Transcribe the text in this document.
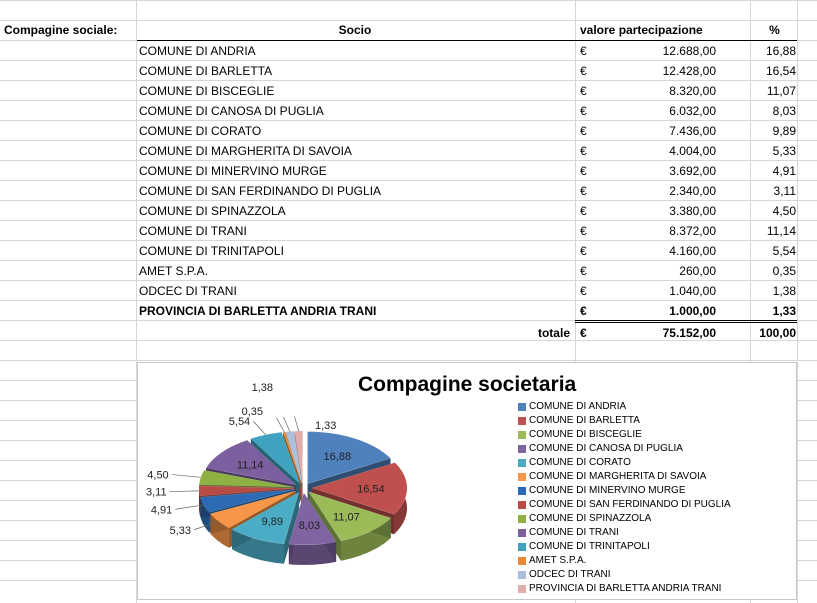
Compagine sociale:	Socio	valore partecipazione	%
COMUNE DI ANDRIA	€	12.688,00	16,88
COMUNE DI BARLETTA	€	12.428,00	16,54
COMUNE DI BISCEGLIE	€	8.320,00	11,07
COMUNE DI CANOSA DI PUGLIA	€	6.032,00	8,03
COMUNE DI CORATO	€	7.436,00	9,89
COMUNE DI MARGHERITA DI SAVOIA	€	4.004,00	5,33
COMUNE DI MINERVINO MURGE	€	3.692,00	4,91
COMUNE DI SAN FERDINANDO DI PUGLIA	€	2.340,00	3,11
COMUNE DI SPINAZZOLA	€	3.380,00	4,50
COMUNE DI TRANI	€	8.372,00	11,14
COMUNE DI TRINITAPOLI	€	4.160,00	5,54
AMET S.P.A.	€	260,00	0,35
ODCEC DI TRANI	€	1.040,00	1,38
PROVINCIA DI BARLETTA ANDRIA TRANI	€	1.000,00	1,33
totale €	75.152,00	100,00
Compagine societaria
16,88
16,54
11,07
8,03
9,89
5,33
4,91
3,11
4,50
11,14
5,54
0,35
1,38
1,33
COMUNE DI ANDRIA
COMUNE DI BARLETTA
COMUNE DI BISCEGLIE
COMUNE DI CANOSA DI PUGLIA
COMUNE DI CORATO
COMUNE DI MARGHERITA DI SAVOIA
COMUNE DI MINERVINO MURGE
COMUNE DI SAN FERDINANDO DI PUGLIA
COMUNE DI SPINAZZOLA
COMUNE DI TRANI
COMUNE DI TRINITAPOLI
AMET S.P.A.
ODCEC DI TRANI
PROVINCIA DI BARLETTA ANDRIA TRANI
